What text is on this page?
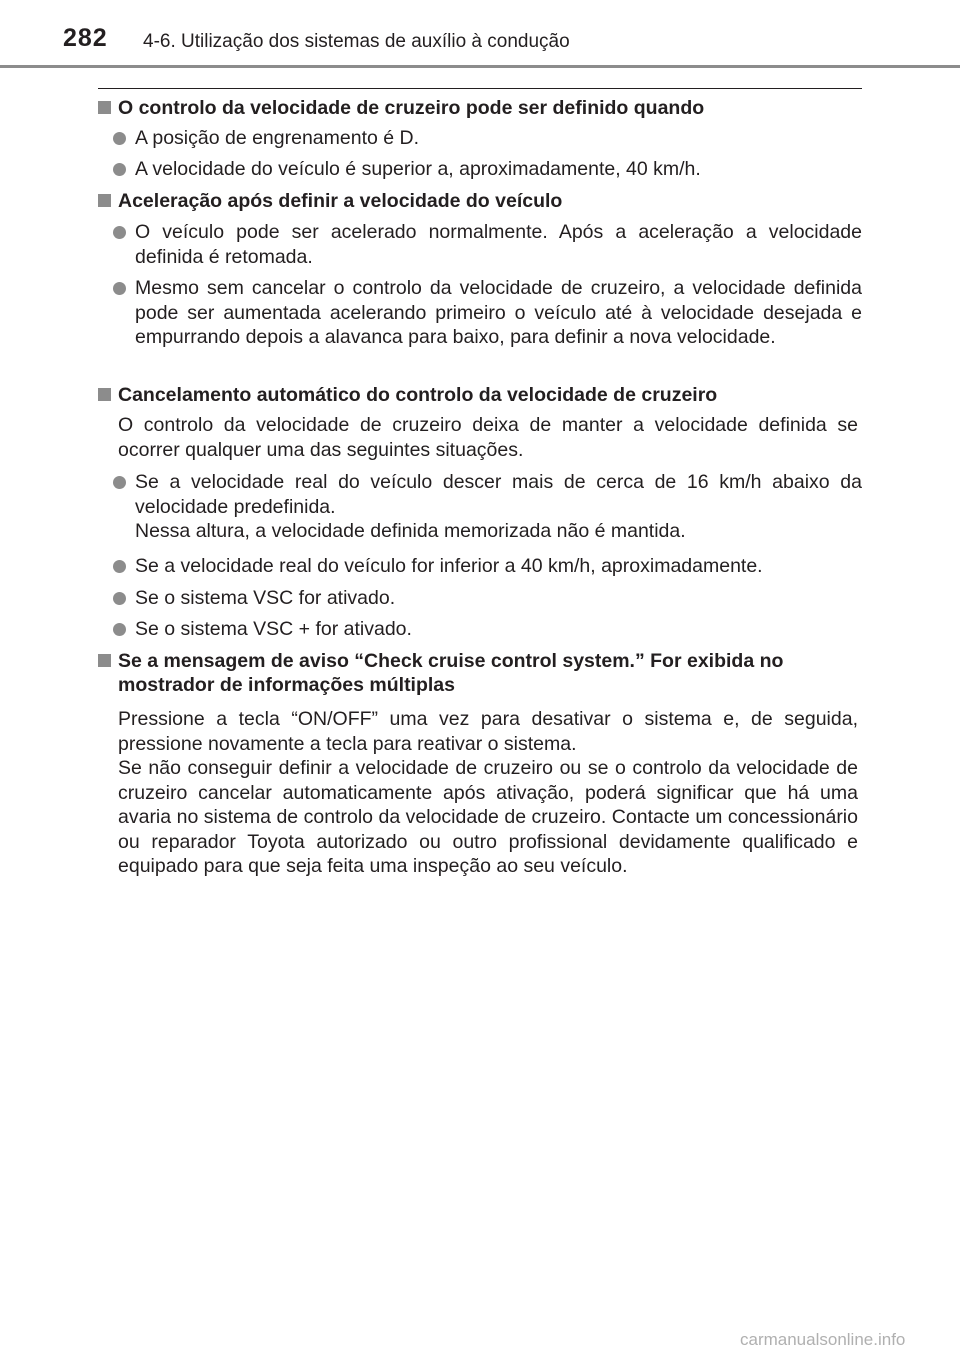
282 4-6. Utilização dos sistemas de auxílio à condução
O controlo da velocidade de cruzeiro pode ser definido quando
A posição de engrenamento é D.
A velocidade do veículo é superior a, aproximadamente, 40 km/h.
Aceleração após definir a velocidade do veículo
O veículo pode ser acelerado normalmente. Após a aceleração a velocidade definida é retomada.
Mesmo sem cancelar o controlo da velocidade de cruzeiro, a velocidade definida pode ser aumentada acelerando primeiro o veículo até à velocidade desejada e empurrando depois a alavanca para baixo, para definir a nova velocidade.
Cancelamento automático do controlo da velocidade de cruzeiro
O controlo da velocidade de cruzeiro deixa de manter a velocidade definida se ocorrer qualquer uma das seguintes situações.
Se a velocidade real do veículo descer mais de cerca de 16 km/h abaixo da velocidade predefinida.
Nessa altura, a velocidade definida memorizada não é mantida.
Se a velocidade real do veículo for inferior a 40 km/h, aproximadamente.
Se o sistema VSC for ativado.
Se o sistema VSC + for ativado.
Se a mensagem de aviso “Check cruise control system.” For exibida no mostrador de informações múltiplas
Pressione a tecla “ON/OFF” uma vez para desativar o sistema e, de seguida, pressione novamente a tecla para reativar o sistema.
Se não conseguir definir a velocidade de cruzeiro ou se o controlo da velocidade de cruzeiro cancelar automaticamente após ativação, poderá significar que há uma avaria no sistema de controlo da velocidade de cruzeiro. Contacte um concessionário ou reparador Toyota autorizado ou outro profissional devidamente qualificado e equipado para que seja feita uma inspeção ao seu veículo.
carmanualsonline.info
